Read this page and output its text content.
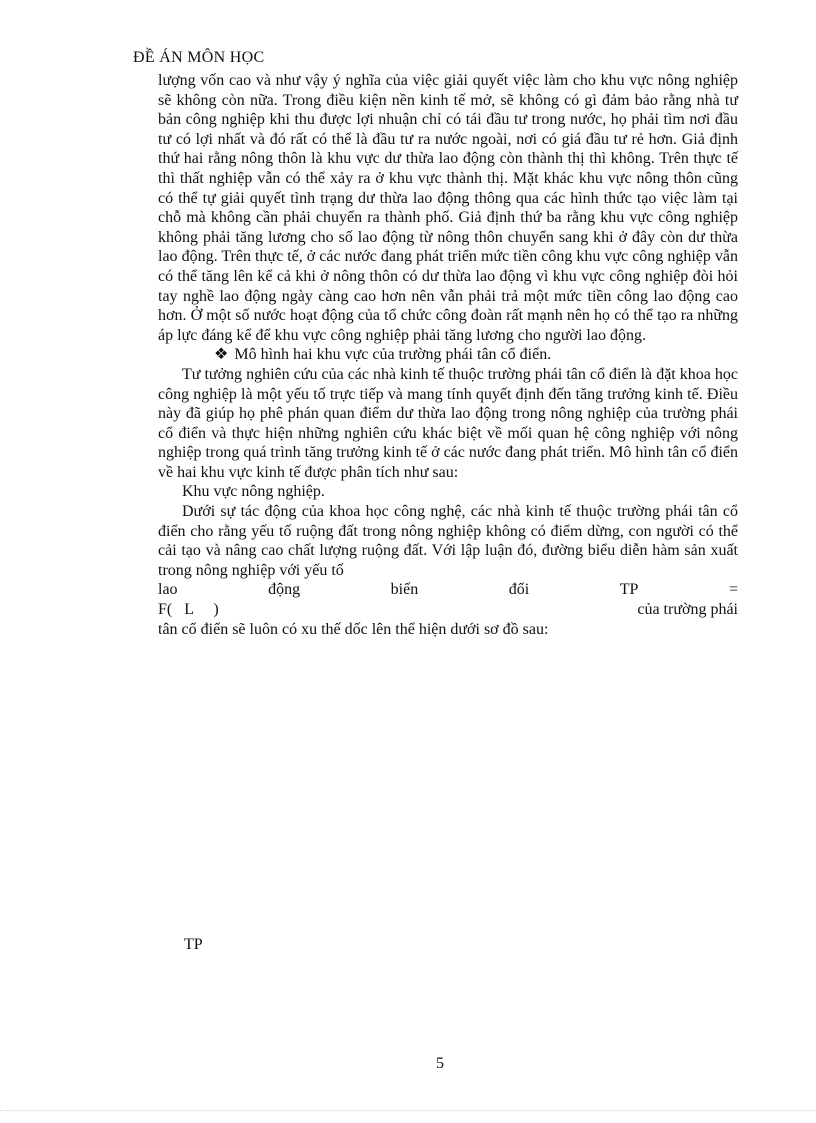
ĐỀ ÁN MÔN HỌC

lượng vốn cao và như vậy ý nghĩa của việc giải quyết việc làm cho khu vực nông nghiệp sẽ không còn nữa. Trong điều kiện nền kinh tế mở, sẽ không có gì đảm bảo rằng nhà tư bản công nghiệp khi thu được lợi nhuận chỉ có tái đầu tư trong nước, họ phải tìm nơi đầu tư có lợi nhất và đó rất có thể là đầu tư ra nước ngoài, nơi có giá đầu tư rẻ hơn. Giả định thứ hai rằng nông thôn là khu vực dư thừa lao động còn thành thị thì không. Trên thực tế thì thất nghiệp vẫn có thể xảy ra ở khu vực thành thị. Mặt khác khu vực nông thôn cũng có thể tự giải quyết tình trạng dư thừa lao động thông qua các hình thức tạo việc làm tại chỗ mà không cần phải chuyển ra thành phố. Giả định thứ ba rằng khu vực công nghiệp không phải tăng lương cho số lao động từ nông thôn chuyển sang khi ở đây còn dư thừa lao động. Trên thực tế, ở các nước đang phát triển mức tiền công khu vực công nghiệp vẫn có thể tăng lên kể cả khi ở nông thôn có dư thừa lao động vì khu vực công nghiệp đòi hỏi tay nghề lao động ngày càng cao hơn nên vẫn phải trả một mức tiền công lao động cao hơn. Ở một số nước hoạt động của tổ chức công đoàn rất mạnh nên họ có thể tạo ra những áp lực đáng kể để khu vực công nghiệp phải tăng lương cho người lao động.

❖ Mô hình hai khu vực của trường phái tân cổ điển.

Tư tưởng nghiên cứu của các nhà kinh tế thuộc trường phái tân cổ điển là đặt khoa học công nghiệp là một yếu tố trực tiếp và mang tính quyết định đến tăng trưởng kinh tế. Điều này đã giúp họ phê phán quan điểm dư thừa lao động trong nông nghiệp của trường phái cổ điển và thực hiện những nghiên cứu khác biệt về mối quan hệ công nghiệp với nông nghiệp trong quá trình tăng trưởng kinh tế ở các nước đang phát triển. Mô hình tân cổ điển về hai khu vực kinh tế được phân tích như sau:

Khu vực nông nghiệp.

Dưới sự tác động của khoa học công nghệ, các nhà kinh tế thuộc trường phái tân cổ điển cho rằng yếu tố ruộng đất trong nông nghiệp không có điểm dừng, con người có thể cải tạo và nâng cao chất lượng ruộng đất. Với lập luận đó, đường biểu diễn hàm sản xuất trong nông nghiệp với yếu tố

lao	động	biến	đổi	TP	=
F(   L     )	của trường phái

tân cổ điển sẽ luôn có xu thế dốc lên thể hiện dưới sơ đồ sau:

TP
5
